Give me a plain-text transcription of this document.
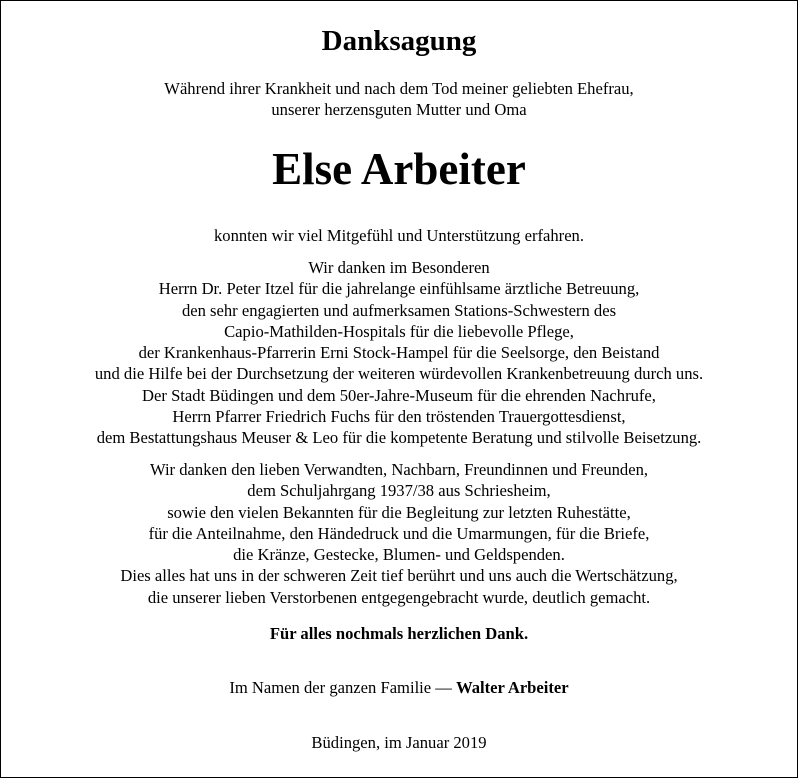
Danksagung
Während ihrer Krankheit und nach dem Tod meiner geliebten Ehefrau,
unserer herzensguten Mutter und Oma
Else Arbeiter
konnten wir viel Mitgefühl und Unterstützung erfahren.
Wir danken im Besonderen
Herrn Dr. Peter Itzel für die jahrelange einfühlsame ärztliche Betreuung,
den sehr engagierten und aufmerksamen Stations-Schwestern des
Capio-Mathilden-Hospitals für die liebevolle Pflege,
der Krankenhaus-Pfarrerin Erni Stock-Hampel für die Seelsorge, den Beistand
und die Hilfe bei der Durchsetzung der weiteren würdevollen Krankenbetreuung durch uns.
Der Stadt Büdingen und dem 50er-Jahre-Museum für die ehrenden Nachrufe,
Herrn Pfarrer Friedrich Fuchs für den tröstenden Trauergottesdienst,
dem Bestattungshaus Meuser & Leo für die kompetente Beratung und stilvolle Beisetzung.
Wir danken den lieben Verwandten, Nachbarn, Freundinnen und Freunden,
dem Schuljahrgang 1937/38 aus Schriesheim,
sowie den vielen Bekannten für die Begleitung zur letzten Ruhestätte,
für die Anteilnahme, den Händedruck und die Umarmungen, für die Briefe,
die Kränze, Gestecke, Blumen- und Geldspenden.
Dies alles hat uns in der schweren Zeit tief berührt und uns auch die Wertschätzung,
die unserer lieben Verstorbenen entgegengebracht wurde, deutlich gemacht.
Für alles nochmals herzlichen Dank.
Im Namen der ganzen Familie — Walter Arbeiter
Büdingen, im Januar 2019
